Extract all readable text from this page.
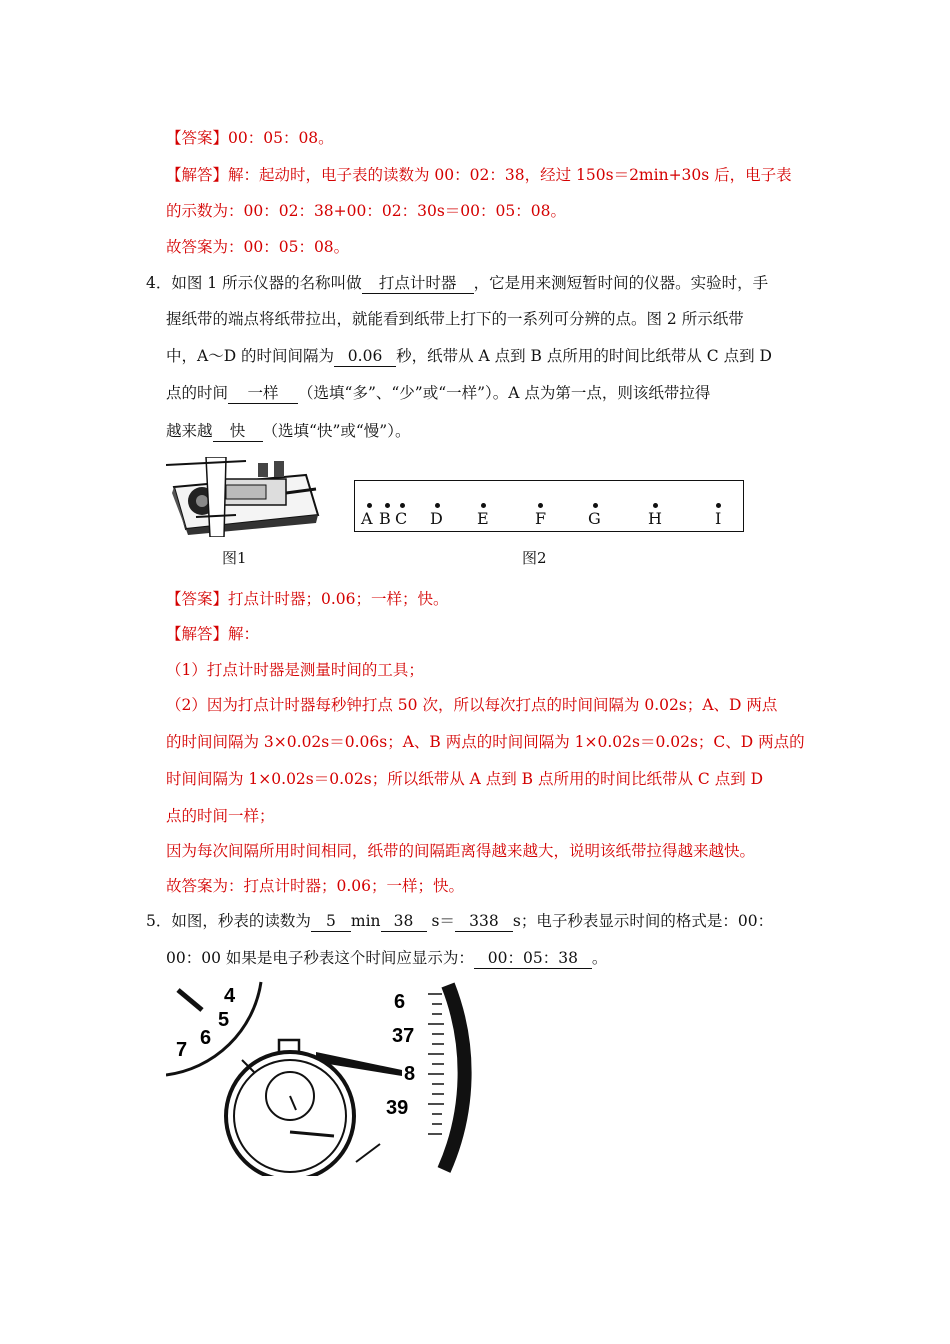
【答案】00：05：08。
【解答】解：起动时，电子表的读数为 00：02：38，经过 150s＝2min+30s 后，电子表
的示数为：00：02：38+00：02：30s＝00：05：08。
故答案为：00：05：08。
4．如图 1 所示仪器的名称叫做 打点计时器 ，它是用来测短暂时间的仪器。实验时，手
握纸带的端点将纸带拉出，就能看到纸带上打下的一系列可分辨的点。图 2 所示纸带
中，A～D 的时间间隔为 0.06 秒，纸带从 A 点到 B 点所用的时间比纸带从 C 点到 D
点的时间 一样 （选填“多”、“少”或“一样”）。A 点为第一点，则该纸带拉得
越来越 快 （选填“快”或“慢”）。
图1
A B C D E	F	G	H	I
图2
【答案】打点计时器；0.06；一样；快。
【解答】解：
（1）打点计时器是测量时间的工具；
（2）因为打点计时器每秒钟打点 50 次，所以每次打点的时间间隔为 0.02s；A、D 两点
的时间间隔为 3×0.02s＝0.06s；A、B 两点的时间间隔为 1×0.02s＝0.02s；C、D 两点的
时间间隔为 1×0.02s＝0.02s；所以纸带从 A 点到 B 点所用的时间比纸带从 C 点到 D
点的时间一样；
因为每次间隔所用时间相同，纸带的间隔距离得越来越大，说明该纸带拉得越来越快。
故答案为：打点计时器；0.06；一样；快。
5．如图，秒表的读数为 5 min 38 s＝ 338 s；电子秒表显示时间的格式是：00：
00：00 如果是电子秒表这个时间应显示为： 00：05：38 。
4
5
6
7
6
37
8
39
